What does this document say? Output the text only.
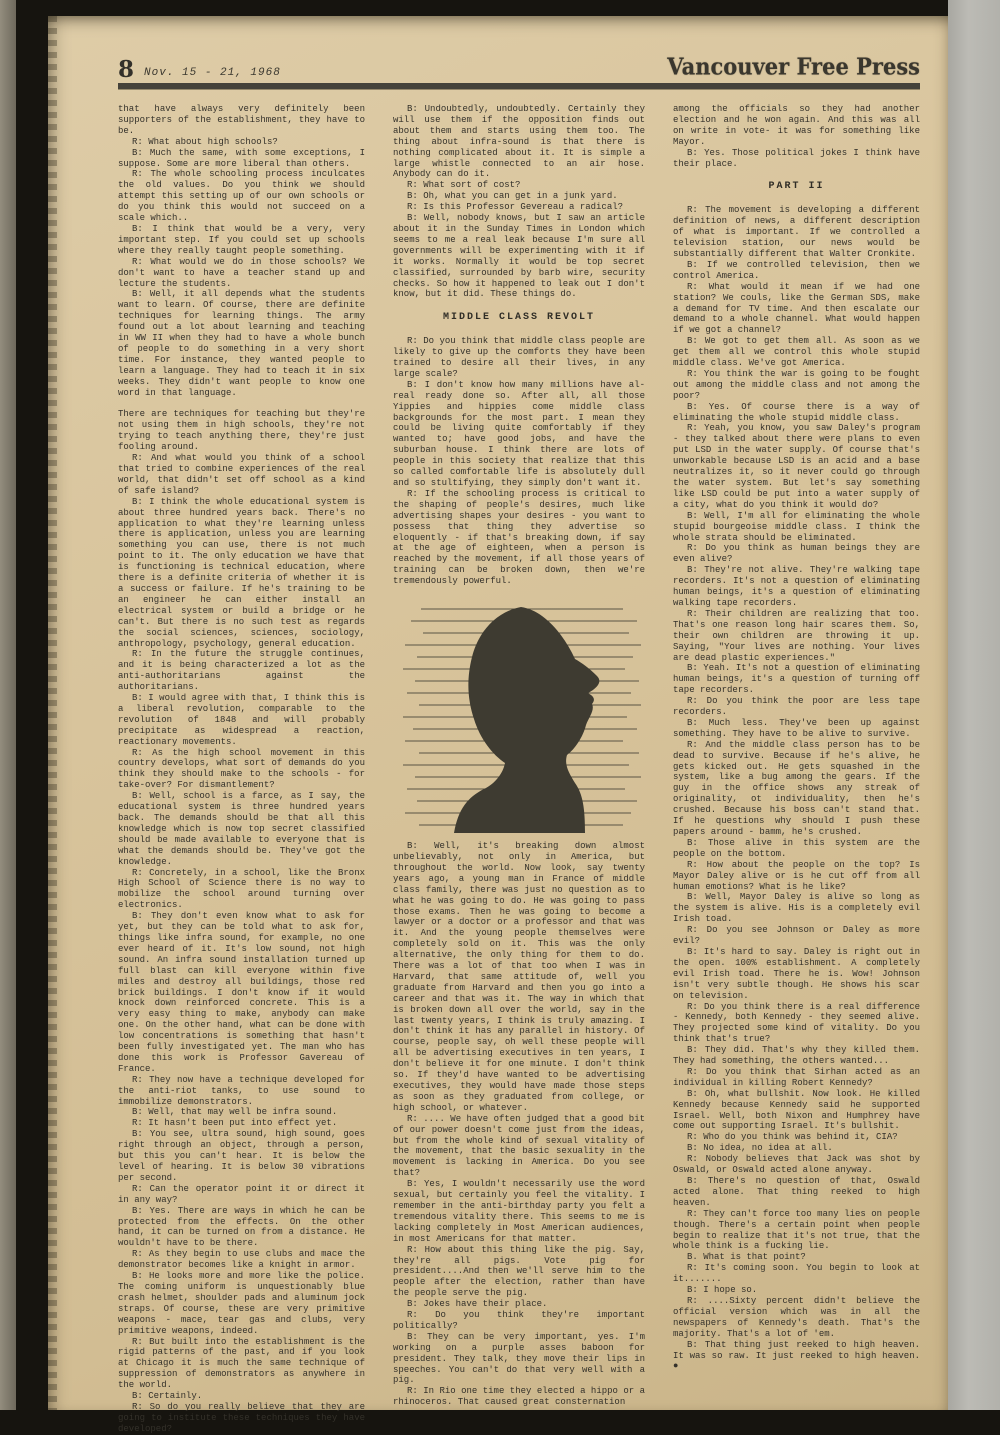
8 Nov. 15 - 21, 1968	Vancouver Free Press

that have always very definitely been supporters of the establishment, they have to be.

R: What about high schools?

B: Much the same, with some exceptions, I suppose. Some are more liberal than others.

R: The whole schooling process inculcates the old values. Do you think we should attempt this setting up of our own schools or do you think this would not succeed on a scale which..

B: I think that would be a very, very important step. If you could set up schools where they really taught people something.

R: What would we do in those schools? We don't want to have a teacher stand up and lecture the students.

B: Well, it all depends what the students want to learn. Of course, there are definite techniques for learning things. The army found out a lot about learning and teaching in WW II when they had to have a whole bunch of people to do something in a very short time. For instance, they wanted people to learn a language. They had to teach it in six weeks. They didn't want people to know one word in that language.

There are techniques for teaching but they're not using them in high schools, they're not trying to teach anything there, they're just fooling around.

R: And what would you think of a school that tried to combine experiences of the real world, that didn't set off school as a kind of safe island?

B: I think the whole educational system is about three hundred years back. There's no application to what they're learning unless there is application, unless you are learning something you can use, there is not much point to it. The only education we have that is functioning is technical education, where there is a definite criteria of whether it is a success or failure. If he's training to be an engineer he can either install an electrical system or build a bridge or he can't. But there is no such test as regards the social sciences, sciences, sociology, anthropology, psychology, general education.

R: In the future the struggle continues, and it is being characterized a lot as the anti-authoritarians against the authoritarians.

B: I would agree with that, I think this is a liberal revolution, comparable to the revolution of 1848 and will probably precipitate as widespread a reaction, reactionary movements.

R: As the high school movement in this country develops, what sort of demands do you think they should make to the schools - for take-over? For dismantlement?

B: Well, school is a farce, as I say, the educational system is three hundred years back. The demands should be that all this knowledge which is now top secret classified should be made available to everyone that is what the demands should be. They've got the knowledge.

R: Concretely, in a school, like the Bronx High School of Science there is no way to mobilize the school around turning over electronics.

B: They don't even know what to ask for yet, but they can be told what to ask for, things like infra sound, for example, no one ever heard of it. It's low sound, not high sound. An infra sound installation turned up full blast can kill everyone within five miles and destroy all buildings, those red brick buildings. I don't know if it would knock down reinforced concrete. This is a very easy thing to make, anybody can make one. On the other hand, what can be done with low concentrations is something that hasn't been fully investigated yet. The man who has done this work is Professor Gavereau of France.

R: They now have a technique developed for the anti-riot tanks, to use sound to immobilize demonstrators.

B: Well, that may well be infra sound.

R: It hasn't been put into effect yet.

B: You see, ultra sound, high sound, goes right through an object, through a person, but this you can't hear. It is below the level of hearing. It is below 30 vibrations per second.

R: Can the operator point it or direct it in any way?

B: Yes. There are ways in which he can be protected from the effects. On the other hand, it can be turned on from a distance. He wouldn't have to be there.

R: As they begin to use clubs and mace the demonstrator becomes like a knight in armor.

B: He looks more and more like the police. The coming uniform is unquestionably blue crash helmet, shoulder pads and aluminum jock straps. Of course, these are very primitive weapons - mace, tear gas and clubs, very primitive weapons, indeed.

R: But built into the establishment is the rigid patterns of the past, and if you look at Chicago it is much the same technique of suppression of demonstrators as anywhere in the world.

B: Certainly.

R: So do you really believe that they are going to institute these techniques they have developed?

B: Undoubtedly, undoubtedly. Certainly they will use them if the opposition finds out about them and starts using them too. The thing about infra-sound is that there is nothing complicated about it. It is simple a large whistle connected to an air hose. Anybody can do it.

R: What sort of cost?

B: Oh, what you can get in a junk yard.

R: Is this Professor Gevereau a radical?

B: Well, nobody knows, but I saw an article about it in the Sunday Times in London which seems to me a real leak because I'm sure all governments will be experimenting with it if it works. Normally it would be top secret classified, surrounded by barb wire, security checks. So how it happened to leak out I don't know, but it did. These things do.

MIDDLE CLASS REVOLT

R: Do you think that middle class people are likely to give up the comforts they have been trained to desire all their lives, in any large scale?

B: I don't know how many millions have al-real ready done so. After all, all those Yippies and hippies come middle class backgrounds for the most part. I mean they could be living quite comfortably if they wanted to; have good jobs, and have the suburban house. I think there are lots of people in this society that realize that this so called comfortable life is absolutely dull and so stultifying, they simply don't want it.

R: If the schooling process is critical to the shaping of people's desires, much like advertising shapes your desires - you want to possess that thing they advertise so eloquently - if that's breaking down, if say at the age of eighteen, when a person is reached by the movement, if all those years of training can be broken down, then we're tremendously powerful.

B: Well, it's breaking down almost unbelievably, not only in America, but throughout the world. Now look, say twenty years ago, a young man in France of middle class family, there was just no question as to what he was going to do. He was going to pass those exams. Then he was going to become a lawyer or a doctor or a professor and that was it. And the young people themselves were completely sold on it. This was the only alternative, the only thing for them to do. There was a lot of that too when I was in Harvard, that same attitude of, well you graduate from Harvard and then you go into a career and that was it. The way in which that is broken down all over the world, say in the last twenty years, I think is truly amazing. I don't think it has any parallel in history. Of course, people say, oh well these people will all be advertising executives in ten years, I don't believe it for one minute. I don't think so. If they'd have wanted to be advertising executives, they would have made those steps as soon as they graduated from college, or high school, or whatever.

R: .... We have often judged that a good bit of our power doesn't come just from the ideas, but from the whole kind of sexual vitality of the movement, that the basic sexuality in the movement is lacking in America. Do you see that?

B: Yes, I wouldn't necessarily use the word sexual, but certainly you feel the vitality. I remember in the anti-birthday party you felt a tremendous vitality there. This seems to me is lacking completely in Most American audiences, in most Americans for that matter.

R: How about this thing like the pig. Say, they're all pigs. Vote pig for president....And then we'll serve him to the people after the election, rather than have the people serve the pig.

B: Jokes have their place.

R: Do you think they're important politically?

B: They can be very important, yes. I'm working on a purple asses baboon for president. They talk, they move their lips in speeches. You can't do that very well with a pig.

R: In Rio one time they elected a hippo or a rhinoceros. That caused great consternation

among the officials so they had another election and he won again. And this was all on write in vote- it was for something like Mayor.

B: Yes. Those political jokes I think have their place.

PART II

R: The movement is developing a different definition of news, a different description of what is important. If we controlled a television station, our news would be substantially different that Walter Cronkite.

B: If we controlled television, then we control America.

R: What would it mean if we had one station? We couls, like the German SDS, make a demand for TV time. And then escalate our demand to a whole channel. What would happen if we got a channel?

B: We got to get them all. As soon as we get them all we control this whole stupid middle class. We've got America.

R: You think the war is going to be fought out among the middle class and not among the poor?

B: Yes. Of course there is a way of eliminating the whole stupid middle class.

R: Yeah, you know, you saw Daley's program - they talked about there were plans to even put LSD in the water supply. Of course that's unworkable because LSD is an acid and a base neutralizes it, so it never could go through the water system. But let's say something like LSD could be put into a water supply of a city, what do you think it would do?

B: Well, I'm all for eliminating the whole stupid bourgeoise middle class. I think the whole strata should be eliminated.

R: Do you think as human beings they are even alive?

B: They're not alive. They're walking tape recorders. It's not a question of eliminating human beings, it's a question of eliminating walking tape recorders.

R: Their children are realizing that too. That's one reason long hair scares them. So, their own children are throwing it up. Saying, "Your lives are nothing. Your lives are dead plastic experiences."

B: Yeah. It's not a question of eliminating human beings, it's a question of turning off tape recorders.

R: Do you think the poor are less tape recorders.

B: Much less. They've been up against something. They have to be alive to survive.

R: And the middle class person has to be dead to survive. Because if he's alive, he gets kicked out. He gets squashed in the system, like a bug among the gears. If the guy in the office shows any streak of originality, ot individuality, then he's crushed. Because his boss can't stand that. If he questions why should I push these papers around - bamm, he's crushed.

B: Those alive in this system are the people on the bottom.

R: How about the people on the top? Is Mayor Daley alive or is he cut off from all human emotions? What is he like?

B: Well, Mayor Daley is alive so long as the system is alive. His is a completely evil Irish toad.

R: Do you see Johnson or Daley as more evil?

B: It's hard to say. Daley is right out in the open. 100% establishment. A completely evil Irish toad. There he is. Wow! Johnson isn't very subtle though. He shows his scar on television.

R: Do you think there is a real difference - Kennedy, both Kennedy - they seemed alive. They projected some kind of vitality. Do you think that's true?

B: They did. That's why they killed them. They had something, the others wanted...

R: Do you think that Sirhan acted as an individual in killing Robert Kennedy?

B: Oh, what bullshit. Now look. He killed Kennedy because Kennedy said he supported Israel. Well, both Nixon and Humphrey have come out supporting Israel. It's bullshit.

R: Who do you think was behind it, CIA?

B: No idea, no idea at all.

R: Nobody believes that Jack was shot by Oswald, or Oswald acted alone anyway.

B: There's no question of that, Oswald acted alone. That thing reeked to high heaven.

R: They can't force too many lies on people though. There's a certain point when people begin to realize that it's not true, that the whole think is a fucking lie.

B. What is that point?

R: It's coming soon. You begin to look at it.......

B: I hope so.

R: ....Sixty percent didn't believe the official version which was in all the newspapers of Kennedy's death. That's the majority. That's a lot of 'em.

B: That thing just reeked to high heaven. It was so raw. It just reeked to high heaven. ●
